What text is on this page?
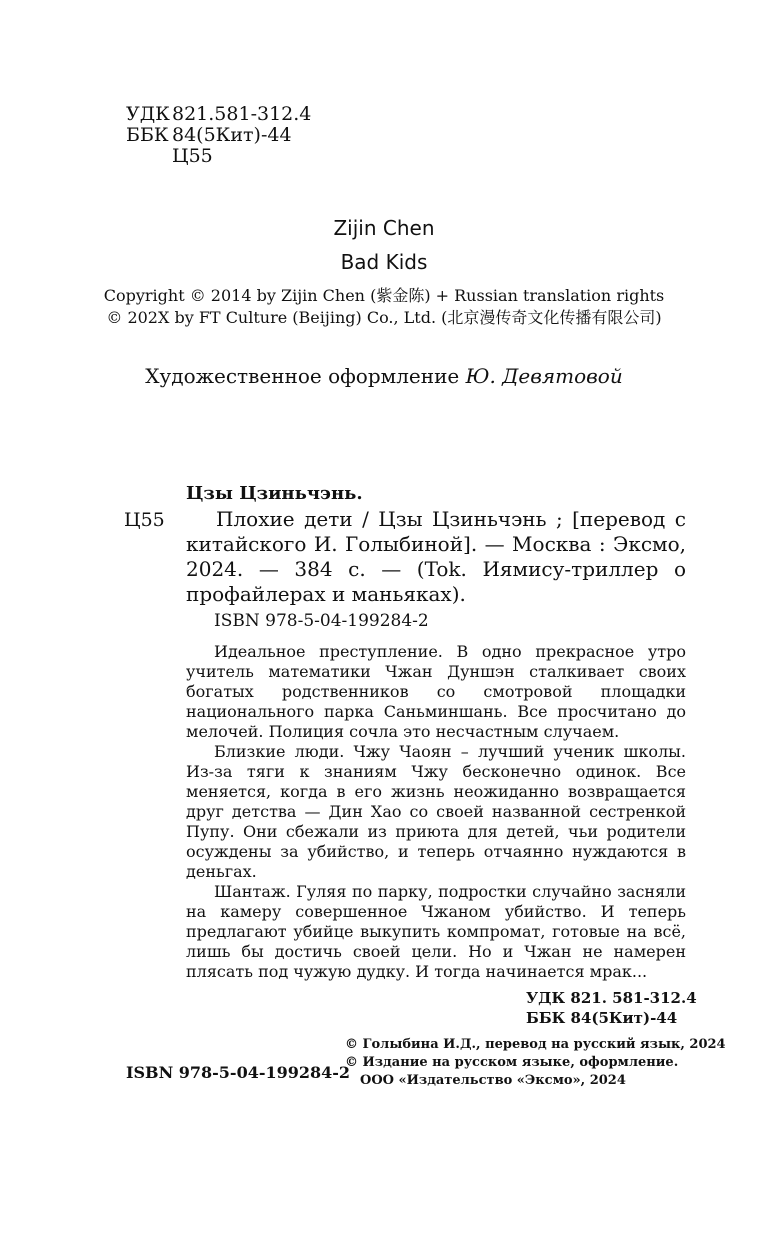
УДК 821.581-312.4
ББК 84(5Кит)-44
Ц55
Zijin Chen
Bad Kids
Copyright © 2014 by Zijin Chen (紫金陈) + Russian translation rights
© 202X by FT Culture (Beijing) Co., Ltd. (北京漫传奇文化传播有限公司)
Художественное оформление Ю. Девятовой
Цзы Цзиньчэнь.
Ц55	Плохие дети / Цзы Цзиньчэнь ; [перевод с китайского И. Голыбиной]. — Москва : Эксмо, 2024. — 384 с. — (Tok. Иямису-триллер о профайлерах и маньяках).
ISBN 978-5-04-199284-2

Идеальное преступление. В одно прекрасное утро учитель математики Чжан Дуншэн сталкивает своих богатых родственников со смотровой площадки национального парка Саньминшань. Все просчитано до мелочей. Полиция сочла это несчастным случаем.

Близкие люди. Чжу Чаоян – лучший ученик школы. Из-за тяги к знаниям Чжу бесконечно одинок. Все меняется, когда в его жизнь неожиданно возвращается друг детства — Дин Хао со своей названной сестренкой Пупу. Они сбежали из приюта для детей, чьи родители осуждены за убийство, и теперь отчаянно нуждаются в деньгах.

Шантаж. Гуляя по парку, подростки случайно засняли на камеру совершенное Чжаном убийство. И теперь предлагают убийце выкупить компромат, готовые на всё, лишь бы достичь своей цели. Но и Чжан не намерен плясать под чужую дудку. И тогда начинается мрак...

УДК 821. 581-312.4
ББК 84(5Кит)-44
© Голыбина И.Д., перевод на русский язык, 2024
© Издание на русском языке, оформление.
ООО «Издательство «Эксмо», 2024
ISBN 978-5-04-199284-2
